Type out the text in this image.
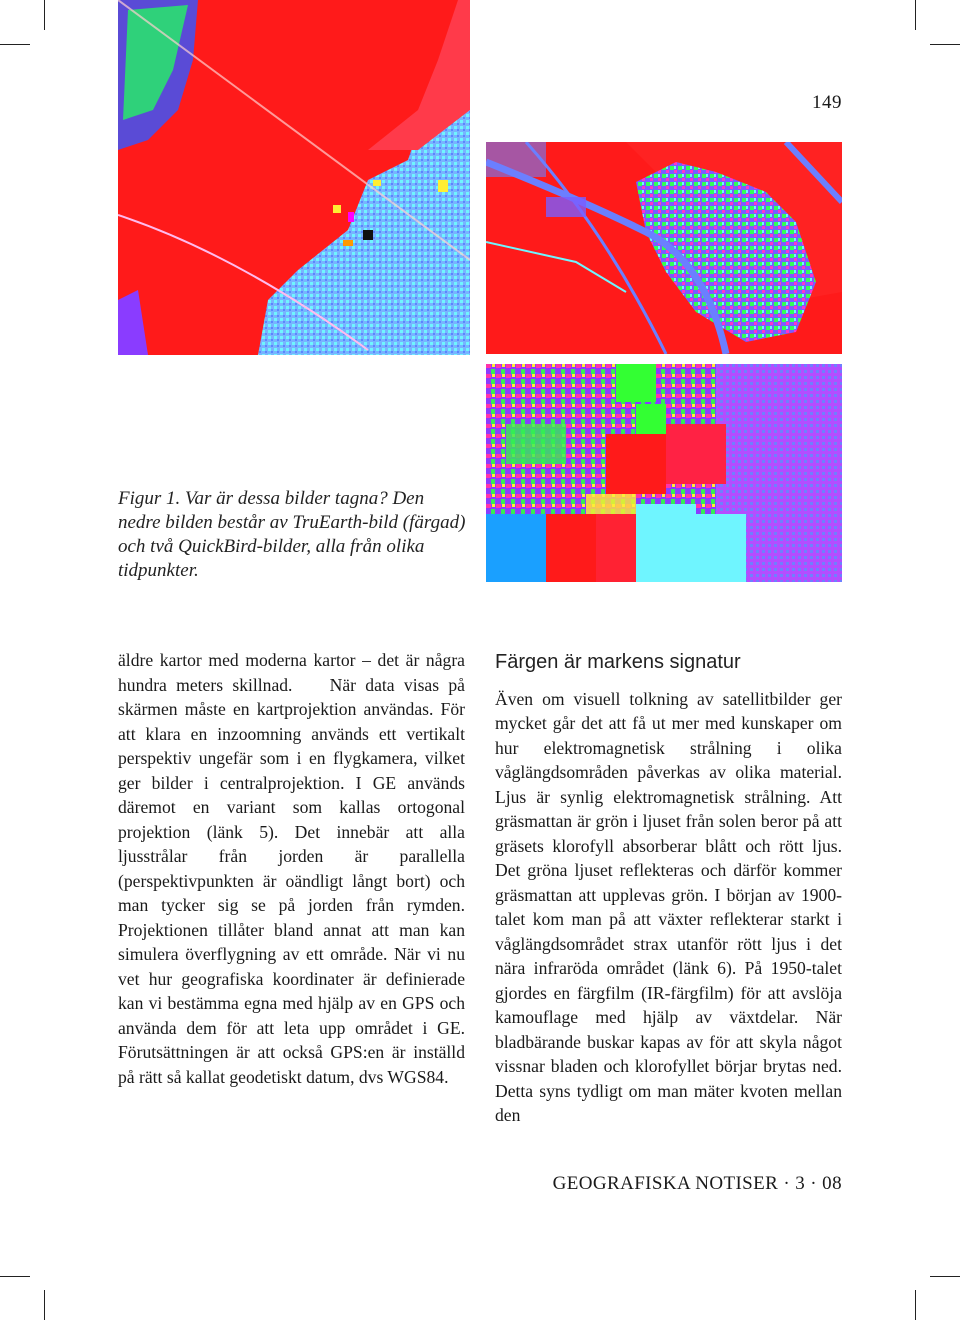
149

Figur 1. Var är dessa bilder tagna? Den nedre bilden består av TruEarth-bild (färgad) och två QuickBird-bilder, alla från olika tidpunkter.

äldre kartor med moderna kartor – det är några hundra meters skillnad.    När data visas på skärmen måste en kartprojektion användas. För att klara en inzoomning används ett vertikalt perspektiv ungefär som i en flygkamera, vilket ger bilder i centralprojektion. I GE används däremot en variant som kallas ortogonal projektion (länk 5). Det innebär att alla ljusstrålar från jorden är parallella (perspektivpunkten är oändligt långt bort) och man tycker sig se på jorden från rymden. Projektionen tillåter bland annat att man kan simulera överflygning av ett område. När vi nu vet hur geografiska koordinater är definierade kan vi bestämma egna med hjälp av en GPS och använda dem för att leta upp området i GE. Förutsättningen är att också GPS:en är inställd på rätt så kallat geodetiskt datum, dvs WGS84.

Färgen är markens signatur

Även om visuell tolkning av satellitbilder ger mycket går det att få ut mer med kunskaper om hur elektromagnetisk strålning i olika våglängdsområden påverkas av olika material. Ljus är synlig elektromagnetisk strålning. Att gräsmattan är grön i ljuset från solen beror på att gräsets klorofyll absorberar blått och rött ljus. Det gröna ljuset reflekteras och därför kommer gräsmattan att upplevas grön. I början av 1900-talet kom man på att växter reflekterar starkt i våglängdsområdet strax utanför rött ljus i det nära infraröda området (länk 6). På 1950-talet gjordes en färgfilm (IR-färgfilm) för att avslöja kamouflage med hjälp av växtdelar. När bladbärande buskar kapas av för att skyla något vissnar bladen och klorofyllet börjar brytas ned. Detta syns tydligt om man mäter kvoten mellan den

GEOGRAFISKA NOTISER · 3 · 08
